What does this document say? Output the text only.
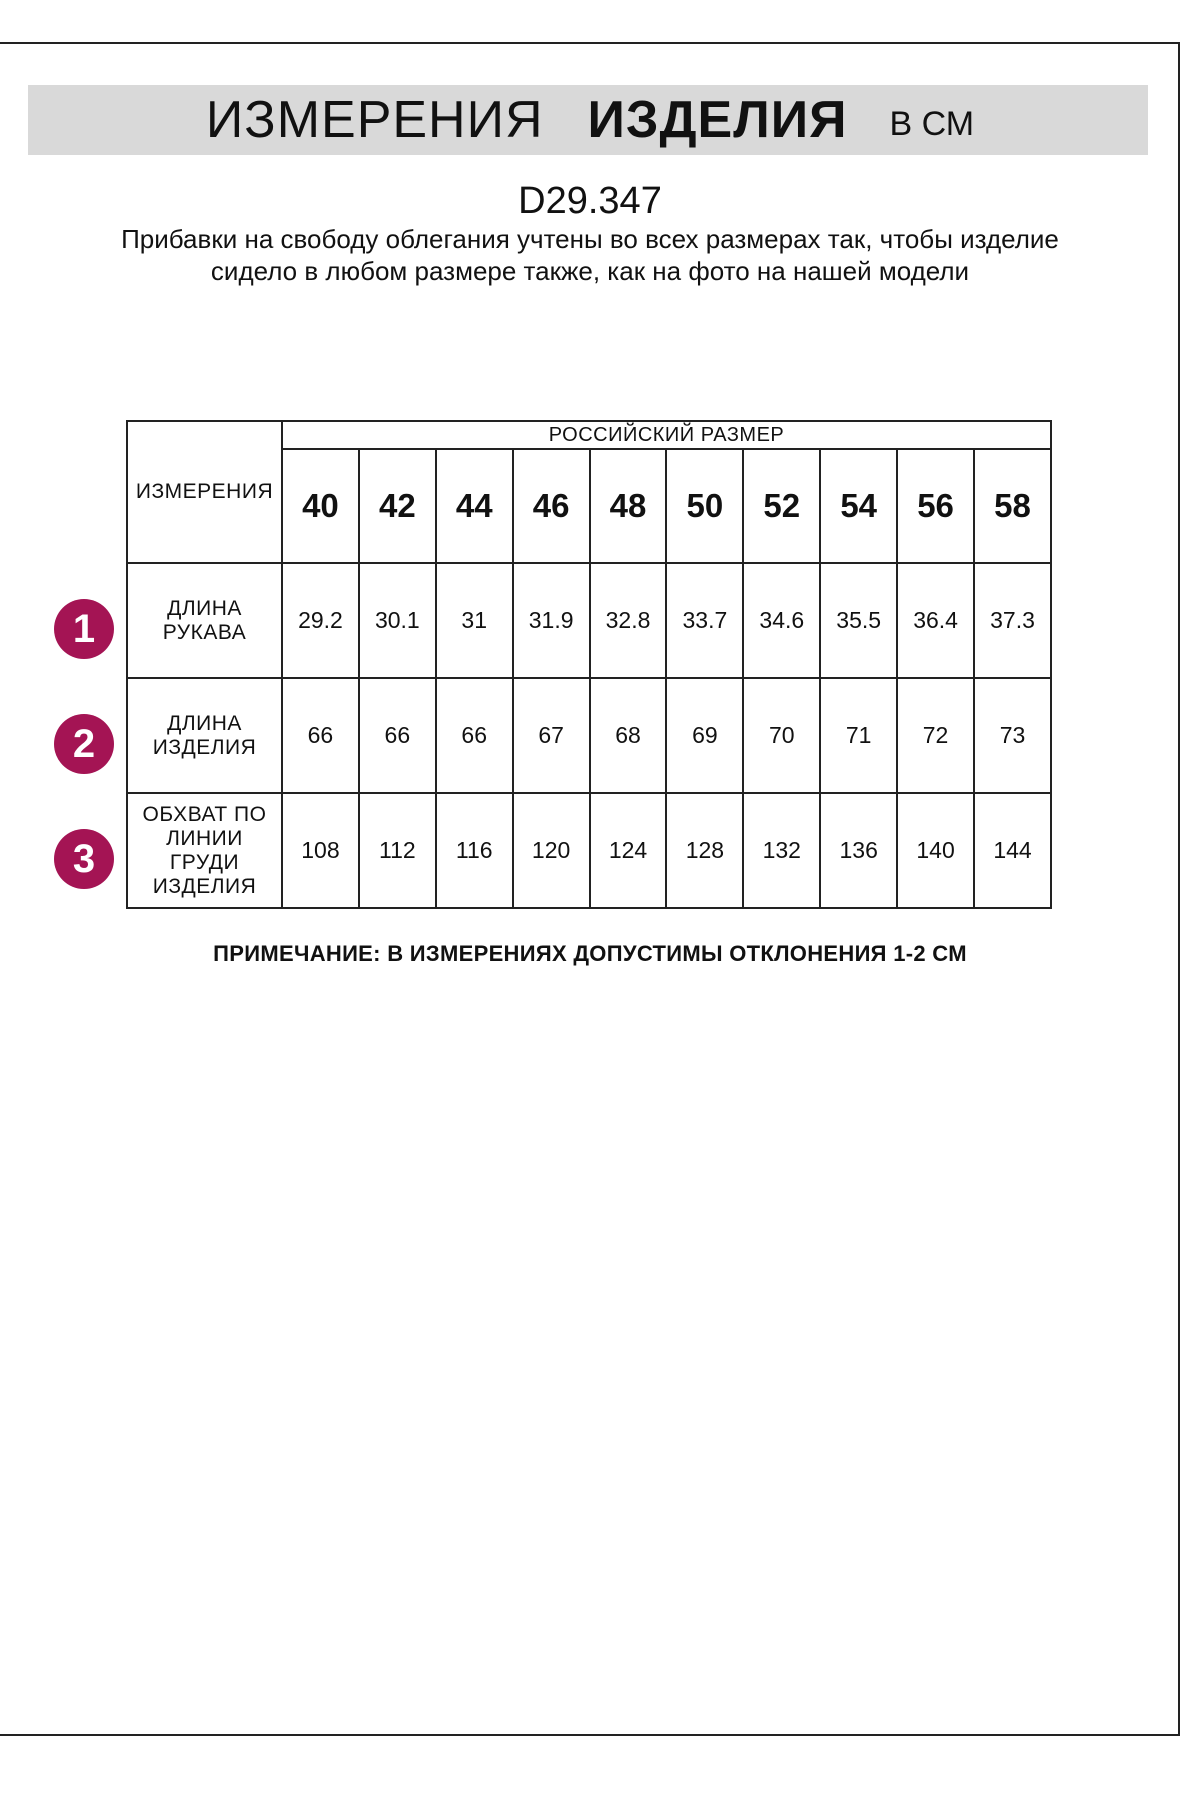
ИЗМЕРЕНИЯ ИЗДЕЛИЯ В СМ
D29.347
Прибавки на свободу облегания учтены во всех размерах так, чтобы изделие сидело в любом размере также, как на фото на нашей модели
ИЗМЕРЕНИЯ	РОССИЙСКИЙ РАЗМЕР									
	40	42	44	46	48	50	52	54	56	58

ДЛИНА
РУКАВА	29.2	30.1	31	31.9	32.8	33.7	34.6	35.5	36.4	37.3

ДЛИНА
ИЗДЕЛИЯ	66	66	66	67	68	69	70	71	72	73

ОБХВАТ ПО
ЛИНИИ
ГРУДИ
ИЗДЕЛИЯ	108	112	116	120	124	128	132	136	140	144
1
2
3
ПРИМЕЧАНИЕ: В ИЗМЕРЕНИЯХ ДОПУСТИМЫ ОТКЛОНЕНИЯ 1-2 СМ
